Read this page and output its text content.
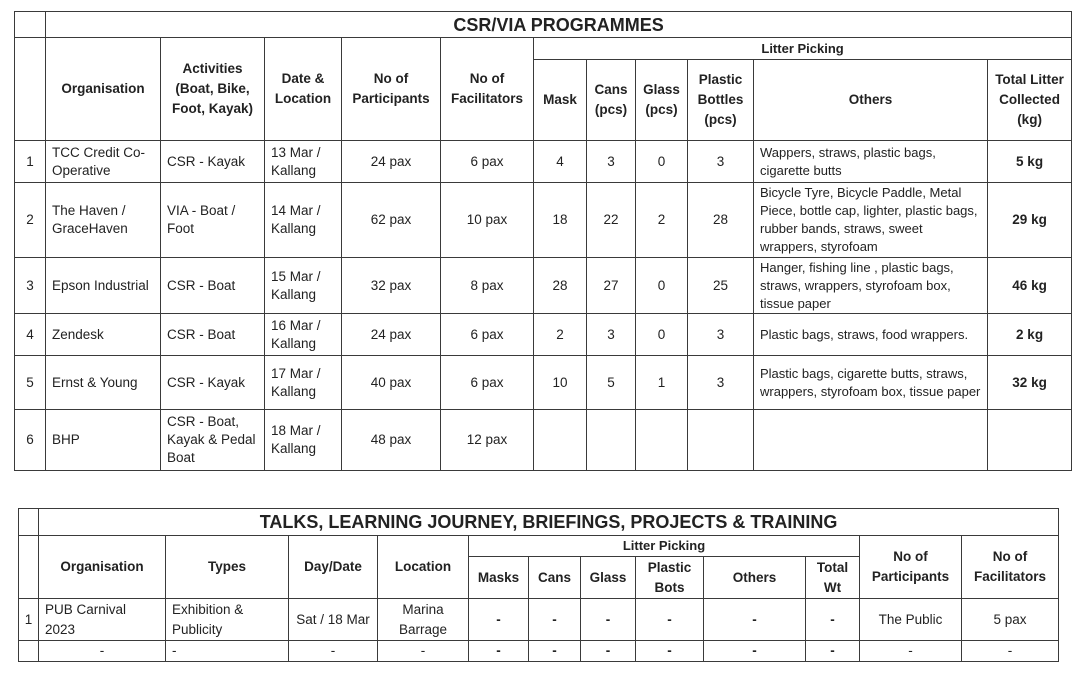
	CSR/VIA PROGRAMMES										
	Organisation	Activities (Boat, Bike, Foot, Kayak)	Date & Location	No of Participants	No of Facilitators	Litter Picking					
						Mask	Cans (pcs)	Glass (pcs)	Plastic Bottles (pcs)	Others	Total Litter Collected (kg)
1	TCC Credit Co-Operative	CSR - Kayak	13 Mar / Kallang	24 pax	6 pax	4	3	0	3	Wappers, straws, plastic bags, cigarette butts	5 kg
2	The Haven / GraceHaven	VIA - Boat / Foot	14 Mar / Kallang	62 pax	10 pax	18	22	2	28	Bicycle Tyre, Bicycle Paddle, Metal Piece, bottle cap, lighter, plastic bags, rubber bands, straws, sweet wrappers, styrofoam	29 kg
3	Epson Industrial	CSR - Boat	15 Mar / Kallang	32 pax	8 pax	28	27	0	25	Hanger, fishing line , plastic bags, straws, wrappers, styrofoam box, tissue paper	46 kg
4	Zendesk	CSR - Boat	16 Mar / Kallang	24 pax	6 pax	2	3	0	3	Plastic bags, straws, food wrappers.	2 kg
5	Ernst & Young	CSR - Kayak	17 Mar / Kallang	40 pax	6 pax	10	5	1	3	Plastic bags, cigarette butts, straws, wrappers, styrofoam box, tissue paper	32 kg
6	BHP	CSR - Boat, Kayak & Pedal Boat	18 Mar / Kallang	48 pax	12 pax						
	TALKS, LEARNING JOURNEY, BRIEFINGS, PROJECTS & TRAINING											
	Organisation	Types	Day/Date	Location	Litter Picking						No of Participants	No of Facilitators
					Masks	Cans	Glass	Plastic Bots	Others	Total Wt		
1	PUB Carnival 2023	Exhibition & Publicity	Sat / 18 Mar	Marina Barrage	-	-	-	-	-	-	The Public	5 pax
	-	-	-	-	-	-	-	-	-	-	-	-
